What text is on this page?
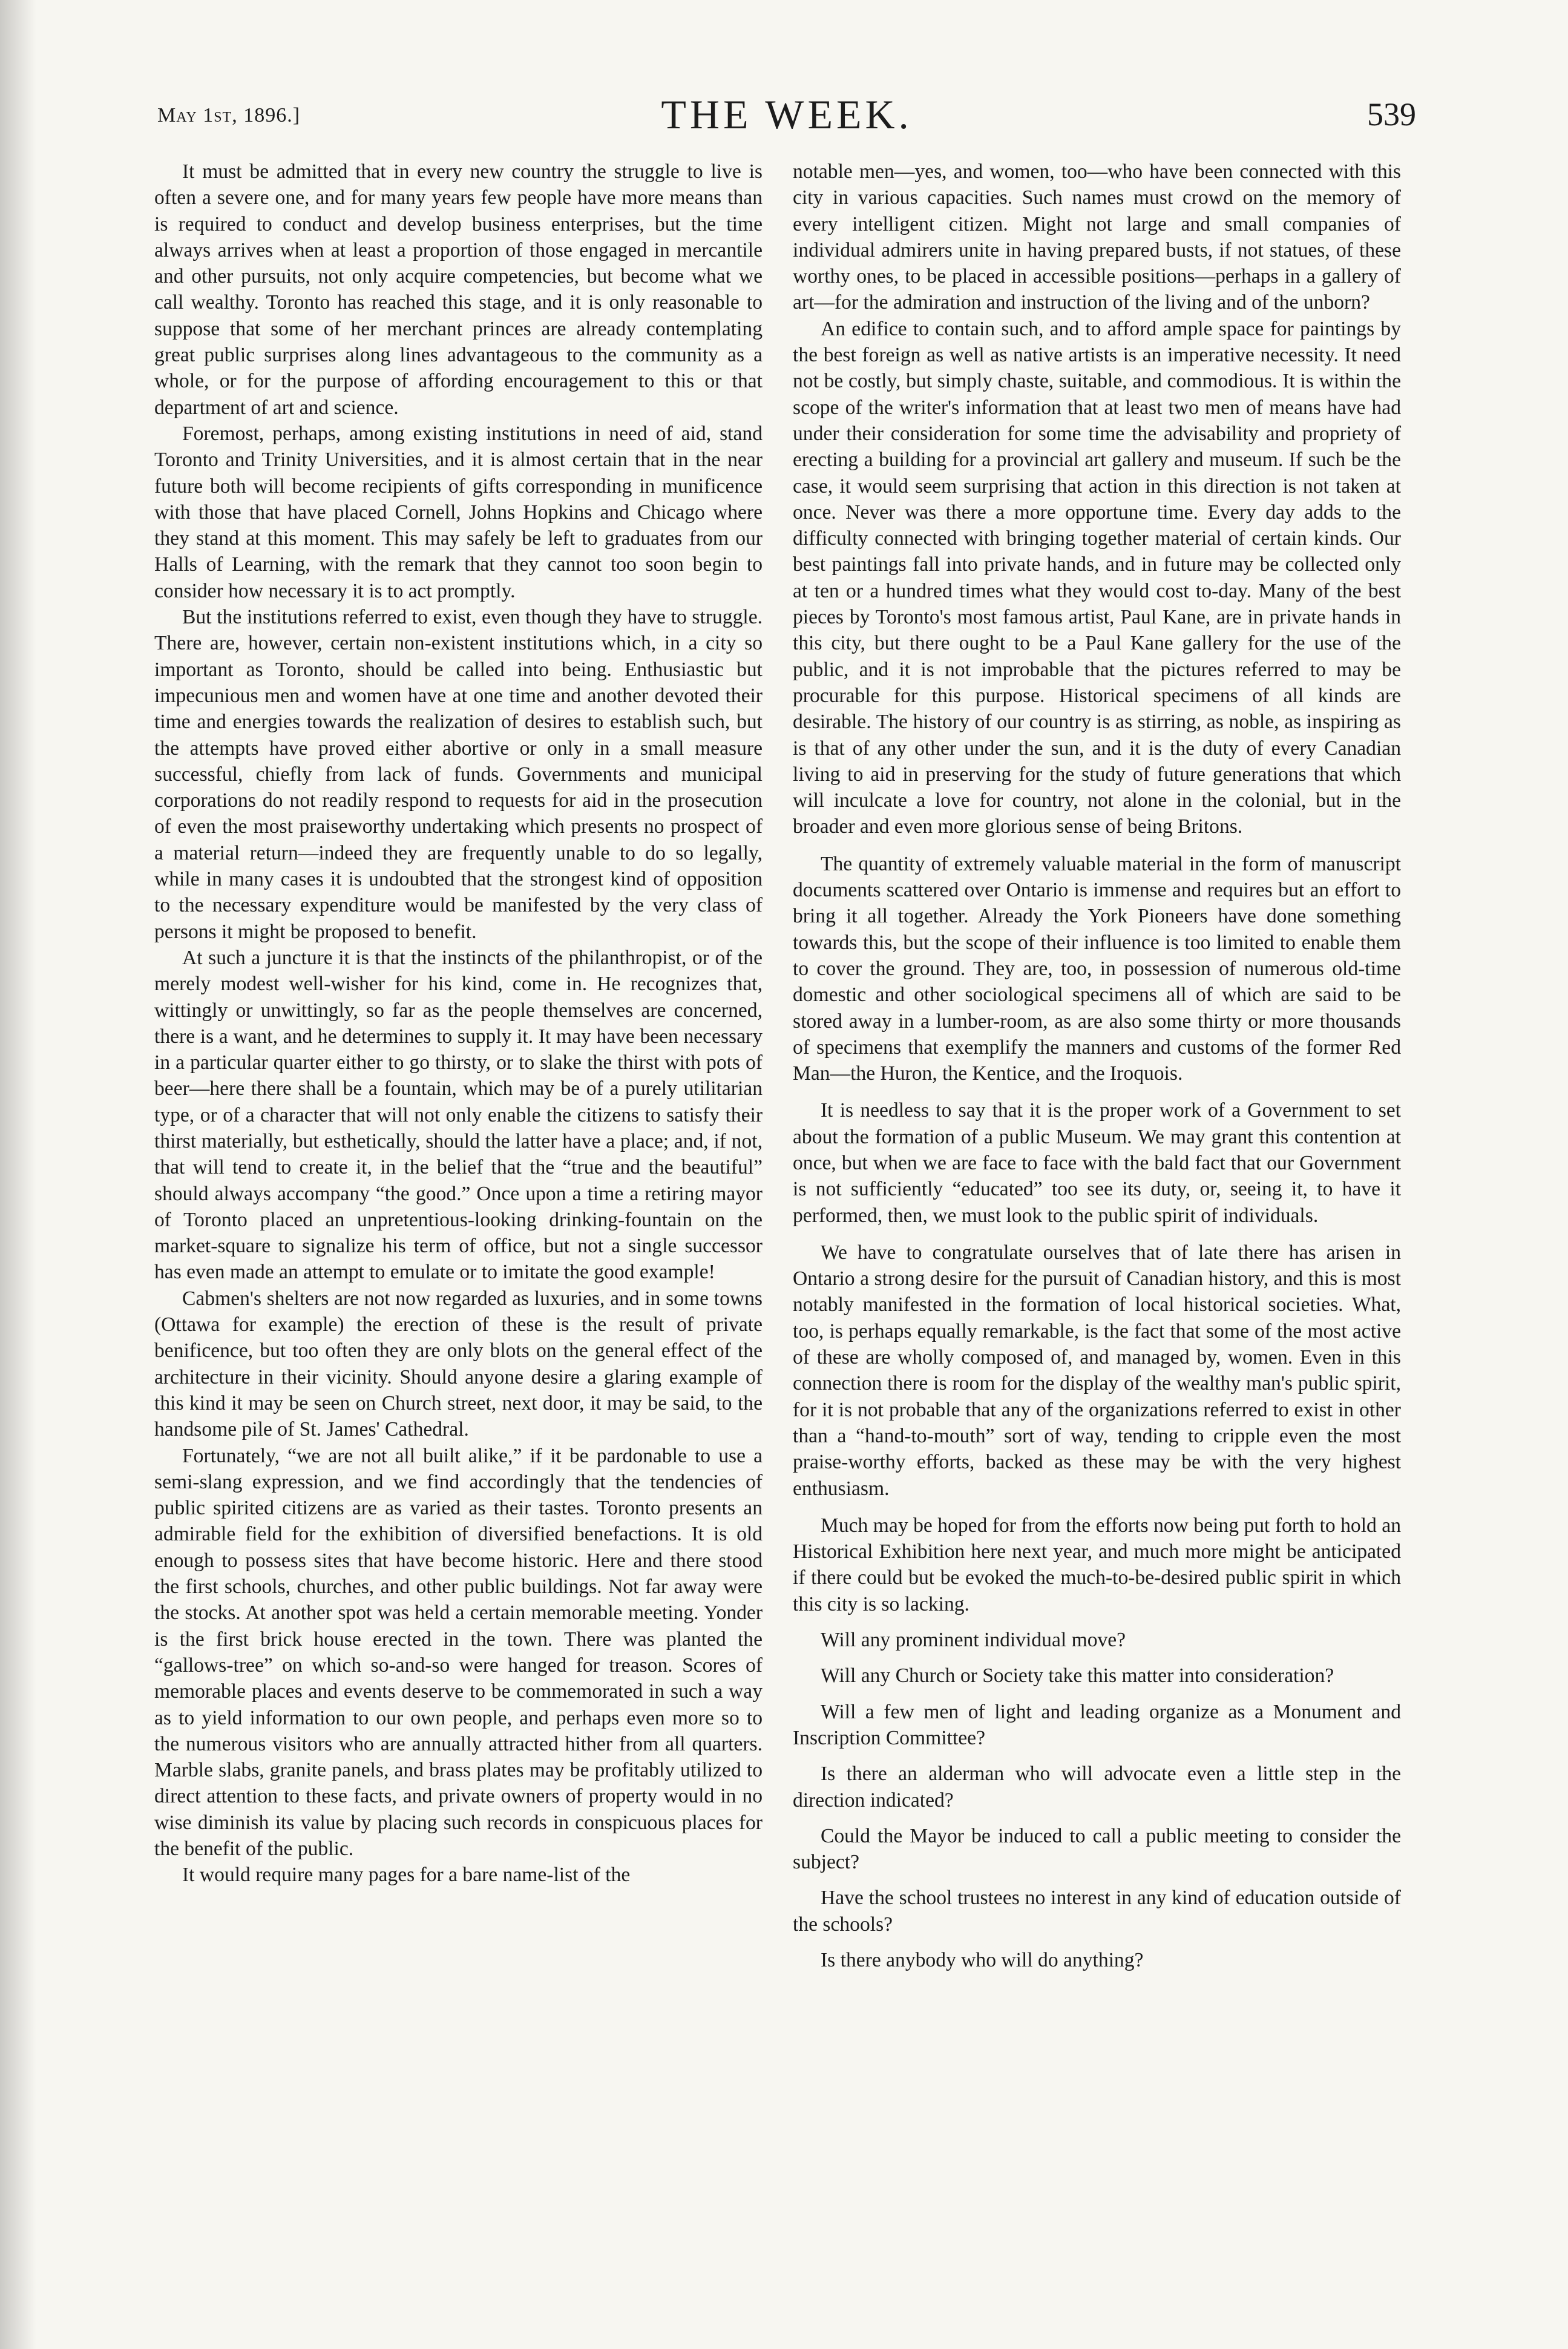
May 1st, 1896.]	THE WEEK.	539

It must be admitted that in every new country the struggle to live is often a severe one, and for many years few people have more means than is required to conduct and develop business enterprises, but the time always arrives when at least a proportion of those engaged in mercantile and other pursuits, not only acquire competencies, but become what we call wealthy. Toronto has reached this stage, and it is only reasonable to suppose that some of her merchant princes are already contemplating great public surprises along lines advantageous to the community as a whole, or for the purpose of affording encouragement to this or that department of art and science.

Foremost, perhaps, among existing institutions in need of aid, stand Toronto and Trinity Universities, and it is almost certain that in the near future both will become recipients of gifts corresponding in munificence with those that have placed Cornell, Johns Hopkins and Chicago where they stand at this moment. This may safely be left to graduates from our Halls of Learning, with the remark that they cannot too soon begin to consider how necessary it is to act promptly.

But the institutions referred to exist, even though they have to struggle. There are, however, certain non-existent institutions which, in a city so important as Toronto, should be called into being. Enthusiastic but impecunious men and women have at one time and another devoted their time and energies towards the realization of desires to establish such, but the attempts have proved either abortive or only in a small measure successful, chiefly from lack of funds. Governments and municipal corporations do not readily respond to requests for aid in the prosecution of even the most praiseworthy undertaking which presents no prospect of a material return—indeed they are frequently unable to do so legally, while in many cases it is undoubted that the strongest kind of opposition to the necessary expenditure would be manifested by the very class of persons it might be proposed to benefit.

At such a juncture it is that the instincts of the philanthropist, or of the merely modest well-wisher for his kind, come in. He recognizes that, wittingly or unwittingly, so far as the people themselves are concerned, there is a want, and he determines to supply it. It may have been necessary in a particular quarter either to go thirsty, or to slake the thirst with pots of beer—here there shall be a fountain, which may be of a purely utilitarian type, or of a character that will not only enable the citizens to satisfy their thirst materially, but esthetically, should the latter have a place; and, if not, that will tend to create it, in the belief that the “true and the beautiful” should always accompany “the good.” Once upon a time a retiring mayor of Toronto placed an unpretentious-looking drinking-fountain on the market-square to signalize his term of office, but not a single successor has even made an attempt to emulate or to imitate the good example!

Cabmen's shelters are not now regarded as luxuries, and in some towns (Ottawa for example) the erection of these is the result of private benificence, but too often they are only blots on the general effect of the architecture in their vicinity. Should anyone desire a glaring example of this kind it may be seen on Church street, next door, it may be said, to the handsome pile of St. James' Cathedral.

Fortunately, “we are not all built alike,” if it be pardonable to use a semi-slang expression, and we find accordingly that the tendencies of public spirited citizens are as varied as their tastes. Toronto presents an admirable field for the exhibition of diversified benefactions. It is old enough to possess sites that have become historic. Here and there stood the first schools, churches, and other public buildings. Not far away were the stocks. At another spot was held a certain memorable meeting. Yonder is the first brick house erected in the town. There was planted the “gallows-tree” on which so-and-so were hanged for treason. Scores of memorable places and events deserve to be commemorated in such a way as to yield information to our own people, and perhaps even more so to the numerous visitors who are annually attracted hither from all quarters. Marble slabs, granite panels, and brass plates may be profitably utilized to direct attention to these facts, and private owners of property would in no wise diminish its value by placing such records in conspicuous places for the benefit of the public.

It would require many pages for a bare name-list of the

notable men—yes, and women, too—who have been connected with this city in various capacities. Such names must crowd on the memory of every intelligent citizen. Might not large and small companies of individual admirers unite in having prepared busts, if not statues, of these worthy ones, to be placed in accessible positions—perhaps in a gallery of art—for the admiration and instruction of the living and of the unborn?

An edifice to contain such, and to afford ample space for paintings by the best foreign as well as native artists is an imperative necessity. It need not be costly, but simply chaste, suitable, and commodious. It is within the scope of the writer's information that at least two men of means have had under their consideration for some time the advisability and propriety of erecting a building for a provincial art gallery and museum. If such be the case, it would seem surprising that action in this direction is not taken at once. Never was there a more opportune time. Every day adds to the difficulty connected with bringing together material of certain kinds. Our best paintings fall into private hands, and in future may be collected only at ten or a hundred times what they would cost to-day. Many of the best pieces by Toronto's most famous artist, Paul Kane, are in private hands in this city, but there ought to be a Paul Kane gallery for the use of the public, and it is not improbable that the pictures referred to may be procurable for this purpose. Historical specimens of all kinds are desirable. The history of our country is as stirring, as noble, as inspiring as is that of any other under the sun, and it is the duty of every Canadian living to aid in preserving for the study of future generations that which will inculcate a love for country, not alone in the colonial, but in the broader and even more glorious sense of being Britons.

The quantity of extremely valuable material in the form of manuscript documents scattered over Ontario is immense and requires but an effort to bring it all together. Already the York Pioneers have done something towards this, but the scope of their influence is too limited to enable them to cover the ground. They are, too, in possession of numerous old-time domestic and other sociological specimens all of which are said to be stored away in a lumber-room, as are also some thirty or more thousands of specimens that exemplify the manners and customs of the former Red Man—the Huron, the Kentice, and the Iroquois.

It is needless to say that it is the proper work of a Government to set about the formation of a public Museum. We may grant this contention at once, but when we are face to face with the bald fact that our Government is not sufficiently “educated” too see its duty, or, seeing it, to have it performed, then, we must look to the public spirit of individuals.

We have to congratulate ourselves that of late there has arisen in Ontario a strong desire for the pursuit of Canadian history, and this is most notably manifested in the formation of local historical societies. What, too, is perhaps equally remarkable, is the fact that some of the most active of these are wholly composed of, and managed by, women. Even in this connection there is room for the display of the wealthy man's public spirit, for it is not probable that any of the organizations referred to exist in other than a “hand-to-mouth” sort of way, tending to cripple even the most praise-worthy efforts, backed as these may be with the very highest enthusiasm.

Much may be hoped for from the efforts now being put forth to hold an Historical Exhibition here next year, and much more might be anticipated if there could but be evoked the much-to-be-desired public spirit in which this city is so lacking.

Will any prominent individual move?

Will any Church or Society take this matter into consideration?

Will a few men of light and leading organize as a Monument and Inscription Committee?

Is there an alderman who will advocate even a little step in the direction indicated?

Could the Mayor be induced to call a public meeting to consider the subject?

Have the school trustees no interest in any kind of education outside of the schools?

Is there anybody who will do anything?
